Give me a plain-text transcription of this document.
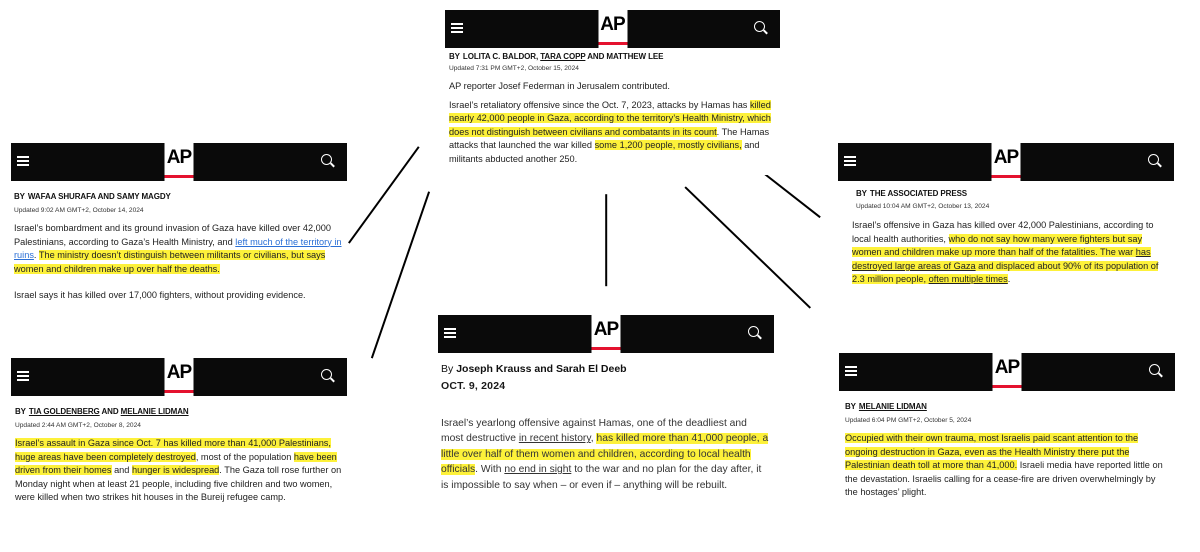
AP
BY LOLITA C. BALDOR, TARA COPP AND MATTHEW LEE
Updated 7:31 PM GMT+2, October 15, 2024

AP reporter Josef Federman in Jerusalem contributed.

Israel’s retaliatory offensive since the Oct. 7, 2023, attacks by Hamas has killed nearly 42,000 people in Gaza, according to the territory’s Health Ministry, which does not distinguish between civilians and combatants in its count. The Hamas attacks that launched the war killed some 1,200 people, mostly civilians, and militants abducted another 250.

AP
BY WAFAA SHURAFA AND SAMY MAGDY
Updated 9:02 AM GMT+2, October 14, 2024

Israel’s bombardment and its ground invasion of Gaza have killed over 42,000 Palestinians, according to Gaza’s Health Ministry, and left much of the territory in ruins. The ministry doesn’t distinguish between militants or civilians, but says women and children make up over half the deaths.

Israel says it has killed over 17,000 fighters, without providing evidence.

AP
BY TIA GOLDENBERG AND MELANIE LIDMAN
Updated 2:44 AM GMT+2, October 8, 2024

Israel’s assault in Gaza since Oct. 7 has killed more than 41,000 Palestinians, huge areas have been completely destroyed, most of the population have been driven from their homes and hunger is widespread. The Gaza toll rose further on Monday night when at least 21 people, including five children and two women, were killed when two strikes hit houses in the Bureij refugee camp.

AP
By Joseph Krauss and Sarah El Deeb
OCT. 9, 2024

Israel’s yearlong offensive against Hamas, one of the deadliest and most destructive in recent history, has killed more than 41,000 people, a little over half of them women and children, according to local health officials. With no end in sight to the war and no plan for the day after, it is impossible to say when – or even if – anything will be rebuilt.

AP
BY THE ASSOCIATED PRESS
Updated 10:04 AM GMT+2, October 13, 2024

Israel’s offensive in Gaza has killed over 42,000 Palestinians, according to local health authorities, who do not say how many were fighters but say women and children make up more than half of the fatalities. The war has destroyed large areas of Gaza and displaced about 90% of its population of 2.3 million people, often multiple times.

AP
BY MELANIE LIDMAN
Updated 6:04 PM GMT+2, October 5, 2024

Occupied with their own trauma, most Israelis paid scant attention to the ongoing destruction in Gaza, even as the Health Ministry there put the Palestinian death toll at more than 41,000. Israeli media have reported little on the devastation. Israelis calling for a cease-fire are driven overwhelmingly by the hostages’ plight.
